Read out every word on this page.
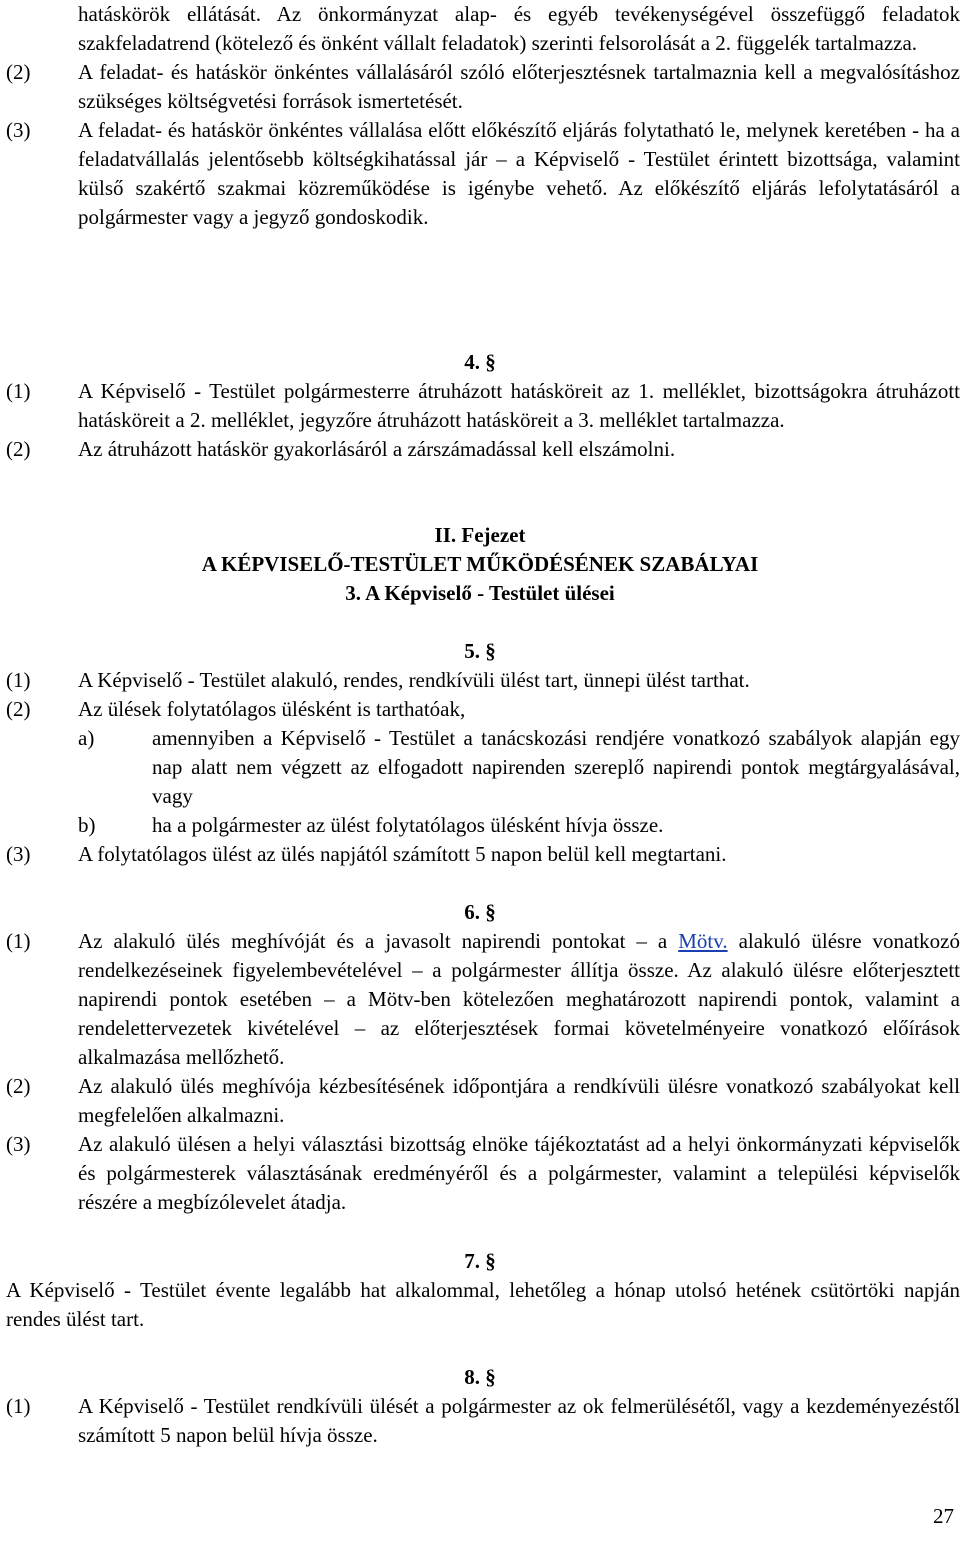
hatáskörök ellátását. Az önkormányzat alap- és egyéb tevékenységével összefüggő feladatok szakfeladatrend (kötelező és önként vállalt feladatok) szerinti felsorolását a 2. függelék tartalmazza.
(2) A feladat- és hatáskör önkéntes vállalásáról szóló előterjesztésnek tartalmaznia kell a megvalósításhoz szükséges költségvetési források ismertetését.
(3) A feladat- és hatáskör önkéntes vállalása előtt előkészítő eljárás folytatható le, melynek keretében - ha a feladatvállalás jelentősebb költségkihatással jár – a Képviselő - Testület érintett bizottsága, valamint külső szakértő szakmai közreműködése is igénybe vehető. Az előkészítő eljárás lefolytatásáról a polgármester vagy a jegyző gondoskodik.
4. §
(1) A Képviselő - Testület polgármesterre átruházott hatásköreit az 1. melléklet, bizottságokra átruházott hatásköreit a 2. melléklet, jegyzőre átruházott hatásköreit a 3. melléklet tartalmazza.
(2) Az átruházott hatáskör gyakorlásáról a zárszámadással kell elszámolni.
II. Fejezet
A KÉPVISELŐ-TESTÜLET MŰKÖDÉSÉNEK SZABÁLYAI
3. A Képviselő - Testület ülései
5. §
(1) A Képviselő - Testület alakuló, rendes, rendkívüli ülést tart, ünnepi ülést tarthat.
(2) Az ülések folytatólagos ülésként is tarthatóak,
a)	amennyiben a Képviselő - Testület a tanácskozási rendjére vonatkozó szabályok alapján egy nap alatt nem végzett az elfogadott napirenden szereplő napirendi pontok megtárgyalásával, vagy
b)	ha a polgármester az ülést folytatólagos ülésként hívja össze.
(3) A folytatólagos ülést az ülés napjától számított 5 napon belül kell megtartani.
6. §
(1) Az alakuló ülés meghívóját és a javasolt napirendi pontokat – a Mötv. alakuló ülésre vonatkozó rendelkezéseinek figyelembevételével – a polgármester állítja össze. Az alakuló ülésre előterjesztett napirendi pontok esetében – a Mötv-ben kötelezően meghatározott napirendi pontok, valamint a rendelettervezetek kivételével – az előterjesztések formai követelményeire vonatkozó előírások alkalmazása mellőzhető.
(2) Az alakuló ülés meghívója kézbesítésének időpontjára a rendkívüli ülésre vonatkozó szabályokat kell megfelelően alkalmazni.
(3) Az alakuló ülésen a helyi választási bizottság elnöke tájékoztatást ad a helyi önkormányzati képviselők és polgármesterek választásának eredményéről és a polgármester, valamint a települési képviselők részére a megbízólevelet átadja.
7. §
A Képviselő - Testület évente legalább hat alkalommal, lehetőleg a hónap utolsó hetének csütörtöki napján rendes ülést tart.
8. §
(1) A Képviselő - Testület rendkívüli ülését a polgármester az ok felmerülésétől, vagy a kezdeményezéstől számított 5 napon belül hívja össze.
27
